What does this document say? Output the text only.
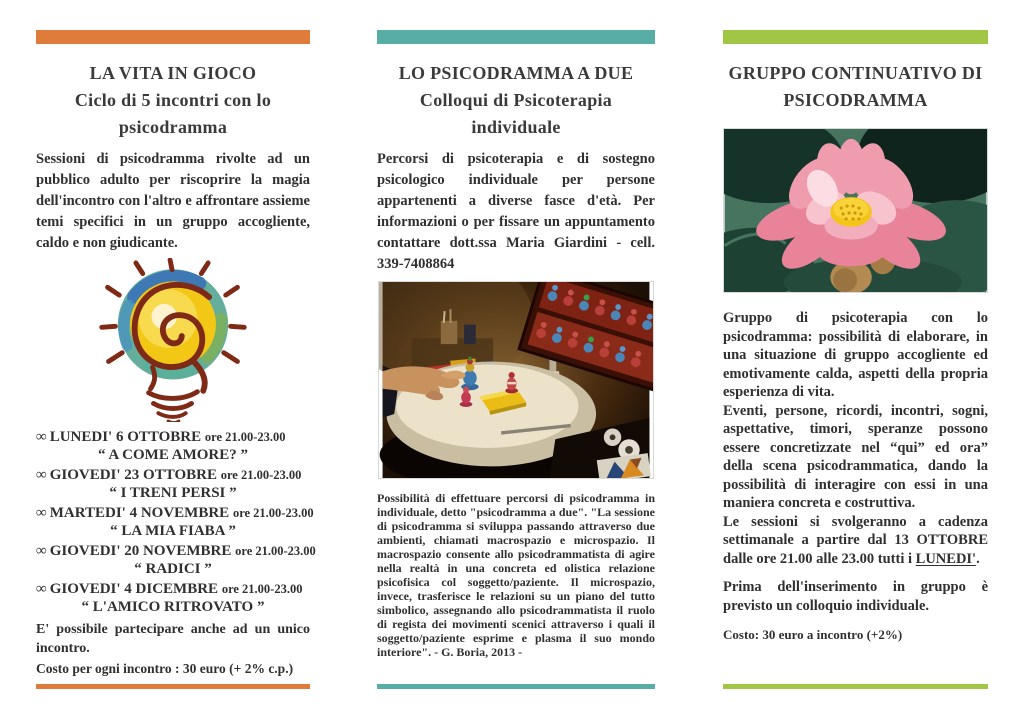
LA VITA IN GIOCO
Ciclo di 5 incontri con lo
psicodramma
Sessioni di psicodramma rivolte ad un pubblico adulto per riscoprire la magia dell'incontro con l'altro e affrontare assieme temi specifici in un gruppo accogliente, caldo e non giudicante.
∞ LUNEDI' 6 OTTOBRE ore 21.00-23.00
“ A COME AMORE? ”
∞ GIOVEDI' 23 OTTOBRE ore 21.00-23.00
“ I TRENI PERSI ”
∞ MARTEDI' 4 NOVEMBRE ore 21.00-23.00
“ LA MIA FIABA ”
∞ GIOVEDI' 20 NOVEMBRE ore 21.00-23.00
“ RADICI ”
∞ GIOVEDI' 4 DICEMBRE ore 21.00-23.00
“ L'AMICO RITROVATO ”
E' possibile partecipare anche ad un unico incontro.
Costo per ogni incontro : 30 euro (+ 2% c.p.)
LO PSICODRAMMA A DUE
Colloqui di Psicoterapia
individuale
Percorsi di psicoterapia e di sostegno psicologico individuale per persone appartenenti a diverse fasce d'età. Per informazioni o per fissare un appuntamento contattare dott.ssa Maria Giardini - cell. 339-7408864
Possibilità di effettuare percorsi di psicodramma in individuale, detto "psicodramma a due". "La sessione di psicodramma si sviluppa passando attraverso due ambienti, chiamati macrospazio e microspazio. Il macrospazio consente allo psicodrammatista di agire nella realtà in una concreta ed olistica relazione psicofisica col soggetto/paziente. Il microspazio, invece, trasferisce le relazioni su un piano del tutto simbolico, assegnando allo psicodrammatista il ruolo di regista dei movimenti scenici attraverso i quali il soggetto/paziente esprime e plasma il suo mondo interiore". - G. Boria, 2013 -
GRUPPO CONTINUATIVO DI
PSICODRAMMA
Gruppo di psicoterapia con lo psicodramma: possibilità di elaborare, in una situazione di gruppo accogliente ed emotivamente calda, aspetti della propria esperienza di vita.
Eventi, persone, ricordi, incontri, sogni, aspettative, timori, speranze possono essere concretizzate nel “qui” ed ora” della scena psicodrammatica, dando la possibilità di interagire con essi in una maniera concreta e costruttiva.
Le sessioni si svolgeranno a cadenza settimanale a partire dal 13 OTTOBRE dalle ore 21.00 alle 23.00 tutti i LUNEDI'.
Prima dell'inserimento in gruppo è previsto un colloquio individuale.
Costo: 30 euro a incontro (+2%)
